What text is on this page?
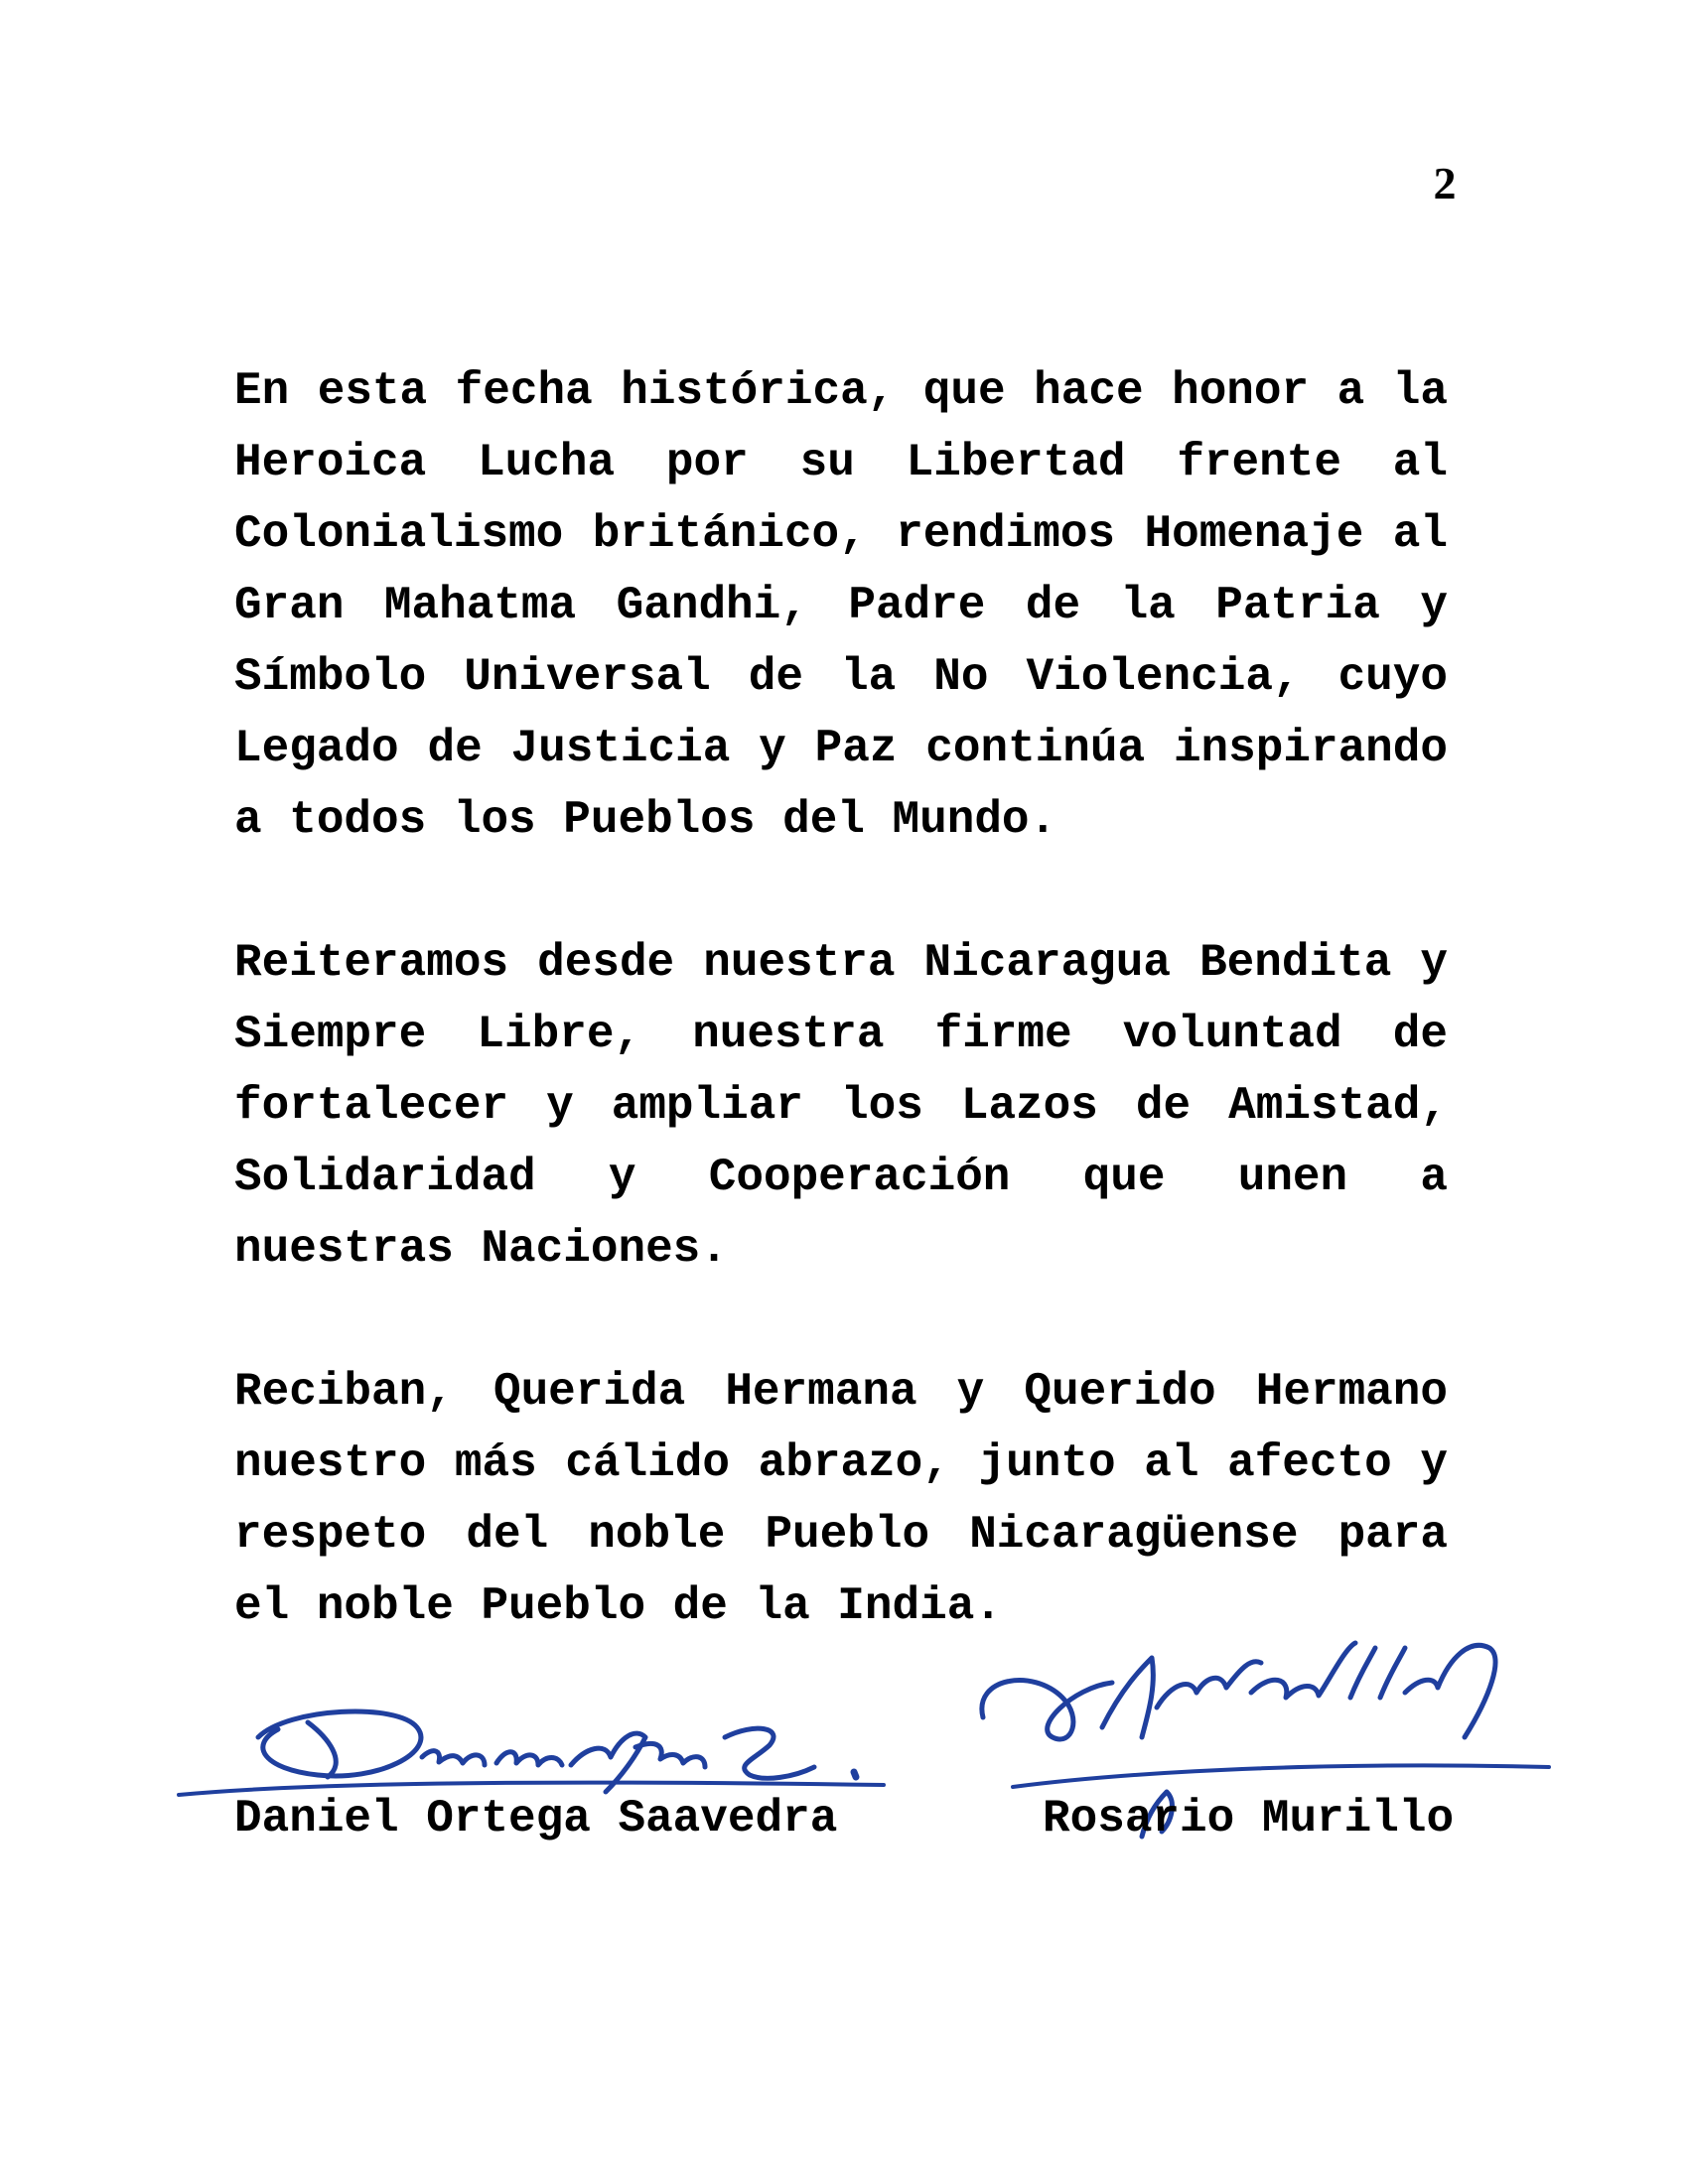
2

En esta fecha histórica, que hace honor a la Heroica Lucha por su Libertad frente al Colonialismo británico, rendimos Homenaje al Gran Mahatma Gandhi, Padre de la Patria y Símbolo Universal de la No Violencia, cuyo Legado de Justicia y Paz continúa inspirando a todos los Pueblos del Mundo.

Reiteramos desde nuestra Nicaragua Bendita y Siempre Libre, nuestra firme voluntad de fortalecer y ampliar los Lazos de Amistad, Solidaridad y Cooperación que unen a nuestras Naciones.

Reciban, Querida Hermana y Querido Hermano nuestro más cálido abrazo, junto al afecto y respeto del noble Pueblo Nicaragüense para el noble Pueblo de la India.

Daniel Ortega Saavedra	Rosario Murillo
